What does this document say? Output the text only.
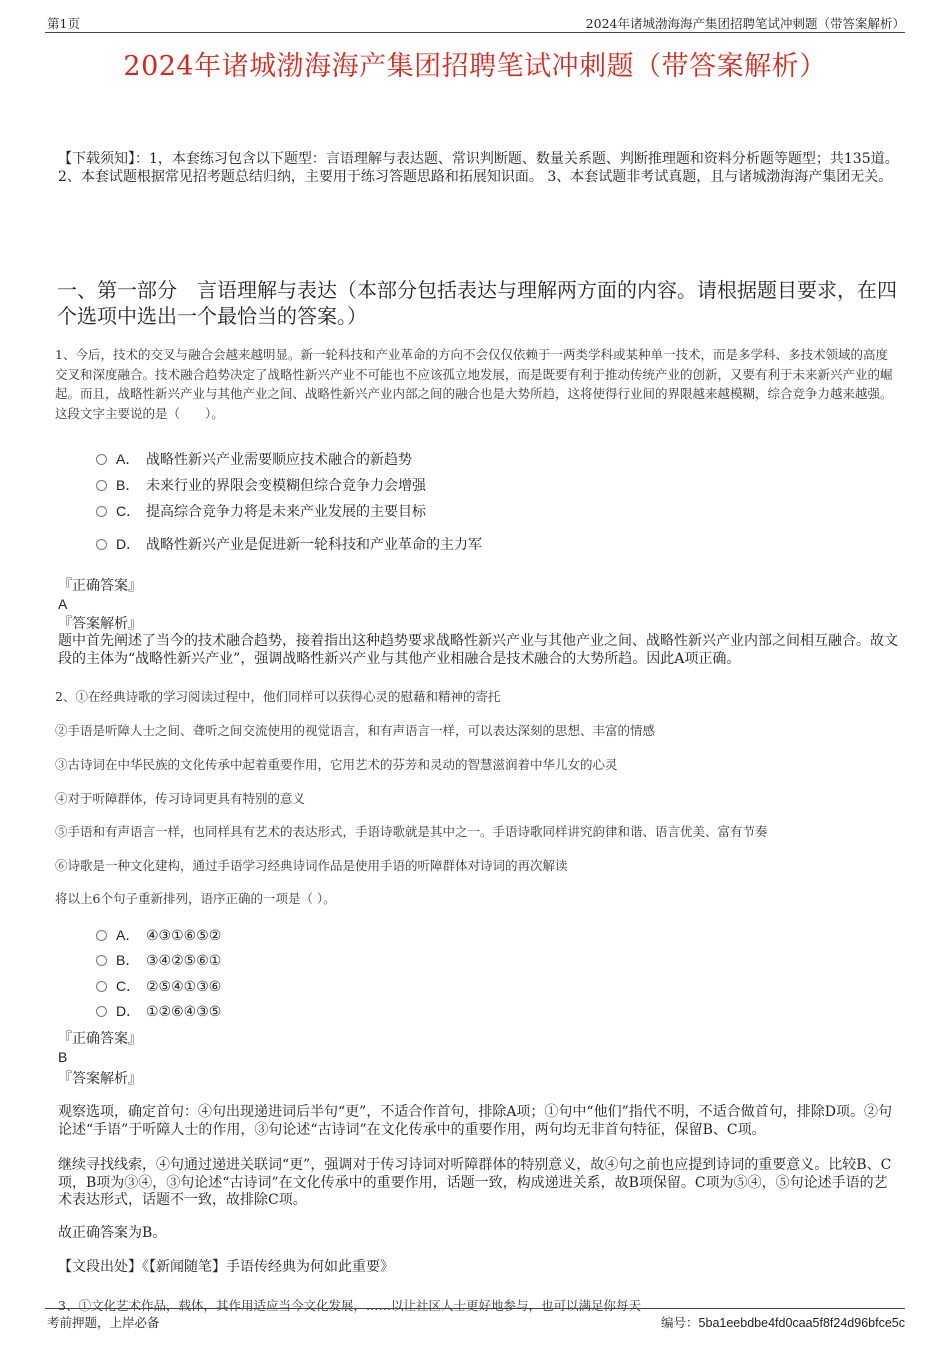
第1页	2024年诸城渤海海产集团招聘笔试冲刺题（带答案解析）
2024年诸城渤海海产集团招聘笔试冲刺题（带答案解析）
【下载须知】：1，本套练习包含以下题型：言语理解与表达题、常识判断题、数量关系题、判断推理题和资料分析题等题型；共135道。 2、本套试题根据常见招考题总结归纳，主要用于练习答题思路和拓展知识面。 3、本套试题非考试真题，且与诸城渤海海产集团无关。
一、第一部分　言语理解与表达（本部分包括表达与理解两方面的内容。请根据题目要求，在四个选项中选出一个最恰当的答案。）
1、今后，技术的交叉与融合会越来越明显。新一轮科技和产业革命的方向不会仅仅依赖于一两类学科或某种单一技术，而是多学科、多技术领域的高度交叉和深度融合。技术融合趋势决定了战略性新兴产业不可能也不应该孤立地发展，而是既要有利于推动传统产业的创新，又要有利于未来新兴产业的崛起。而且，战略性新兴产业与其他产业之间、战略性新兴产业内部之间的融合也是大势所趋，这将使得行业间的界限越来越模糊，综合竞争力越来越强。
这段文字主要说的是（　　）。
A． 战略性新兴产业需要顺应技术融合的新趋势
B． 未来行业的界限会变模糊但综合竞争力会增强
C． 提高综合竞争力将是未来产业发展的主要目标
D． 战略性新兴产业是促进新一轮科技和产业革命的主力军
『正确答案』
A
『答案解析』
题中首先阐述了当今的技术融合趋势，接着指出这种趋势要求战略性新兴产业与其他产业之间、战略性新兴产业内部之间相互融合。故文段的主体为“战略性新兴产业”，强调战略性新兴产业与其他产业相融合是技术融合的大势所趋。因此A项正确。
2、①在经典诗歌的学习阅读过程中，他们同样可以获得心灵的慰藉和精神的寄托
②手语是听障人士之间、聋听之间交流使用的视觉语言，和有声语言一样，可以表达深刻的思想、丰富的情感
③古诗词在中华民族的文化传承中起着重要作用，它用艺术的芬芳和灵动的智慧滋润着中华儿女的心灵
④对于听障群体，传习诗词更具有特别的意义
⑤手语和有声语言一样，也同样具有艺术的表达形式，手语诗歌就是其中之一。手语诗歌同样讲究韵律和谐、语言优美、富有节奏
⑥诗歌是一种文化建构，通过手语学习经典诗词作品是使用手语的听障群体对诗词的再次解读
将以上6个句子重新排列，语序正确的一项是（ ）。
A． ④③①⑥⑤②
B． ③④②⑤⑥①
C． ②⑤④①③⑥
D． ①②⑥④③⑤
『正确答案』
B
『答案解析』
观察选项，确定首句：④句出现递进词后半句“更”，不适合作首句，排除A项；①句中“他们”指代不明，不适合做首句，排除D项。②句论述“手语”于听障人士的作用，③句论述“古诗词”在文化传承中的重要作用，两句均无非首句特征，保留B、C项。
继续寻找线索，④句通过递进关联词“更”，强调对于传习诗词对听障群体的特别意义，故④句之前也应提到诗词的重要意义。比较B、C项，B项为③④，③句论述“古诗词”在文化传承中的重要作用，话题一致，构成递进关系，故B项保留。C项为⑤④，⑤句论述手语的艺术表达形式，话题不一致，故排除C项。
故正确答案为B。
【文段出处】《【新闻随笔】手语传经典为何如此重要》
3、①文化艺术作品，载体，其作用适应当今文化发展，……以让社区人士更好地参与，也可以满足你每天
考前押题，上岸必备	编号：5ba1eebdbe4fd0caa5f8f24d96bfce5c
